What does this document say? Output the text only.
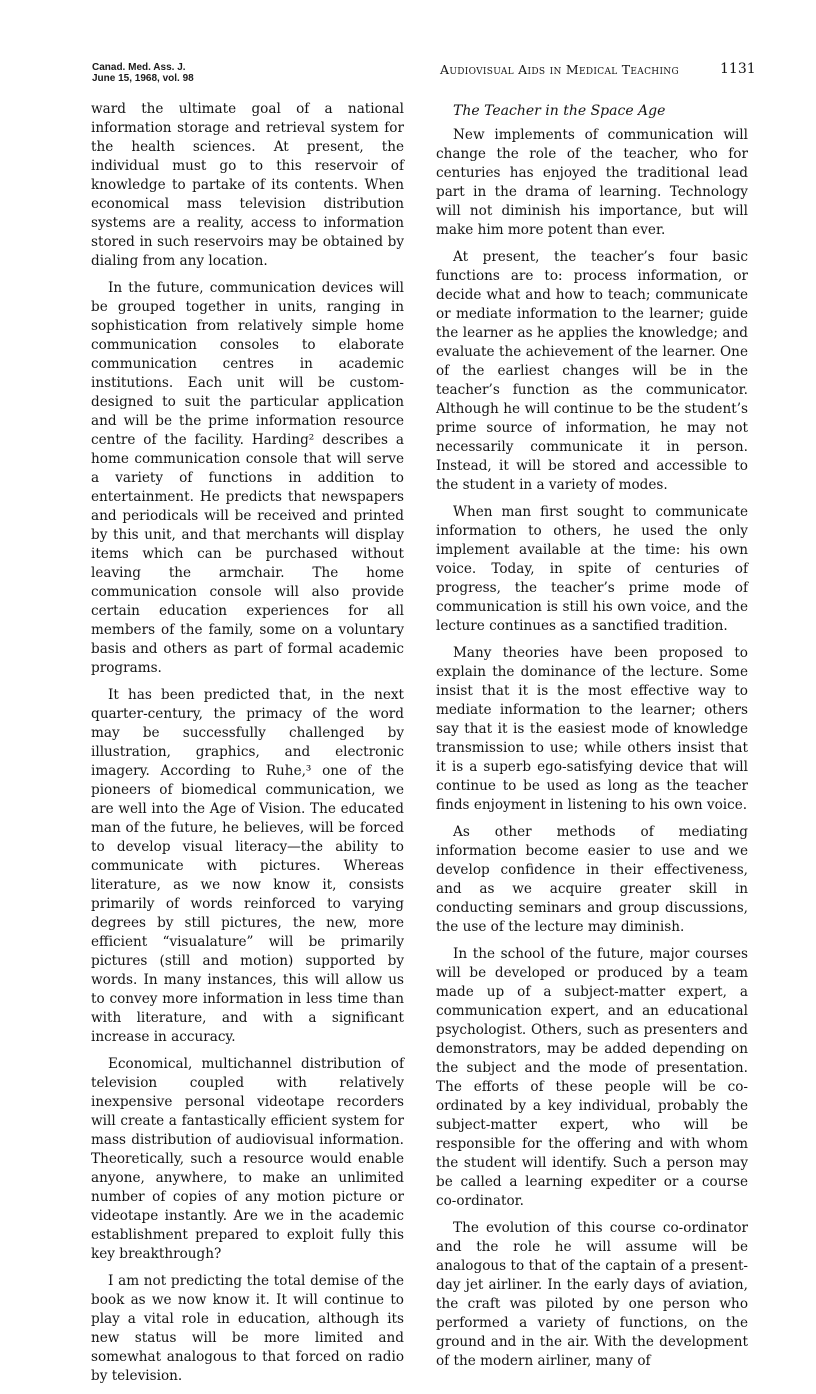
Canad. Med. Ass. J.
June 15, 1968, vol. 98
Audiovisual Aids in Medical Teaching	1131

ward the ultimate goal of a national information storage and retrieval system for the health sciences. At present, the individual must go to this reservoir of knowledge to partake of its contents. When economical mass television distribution systems are a reality, access to information stored in such reservoirs may be obtained by dialing from any location.

In the future, communication devices will be grouped together in units, ranging in sophistication from relatively simple home communication consoles to elaborate communication centres in academic institutions. Each unit will be custom-designed to suit the particular application and will be the prime information resource centre of the facility. Harding² describes a home communication console that will serve a variety of functions in addition to entertainment. He predicts that newspapers and periodicals will be received and printed by this unit, and that merchants will display items which can be purchased without leaving the armchair. The home communication console will also provide certain education experiences for all members of the family, some on a voluntary basis and others as part of formal academic programs.

It has been predicted that, in the next quarter-century, the primacy of the word may be successfully challenged by illustration, graphics, and electronic imagery. According to Ruhe,³ one of the pioneers of biomedical communication, we are well into the Age of Vision. The educated man of the future, he believes, will be forced to develop visual literacy—the ability to communicate with pictures. Whereas literature, as we now know it, consists primarily of words reinforced to varying degrees by still pictures, the new, more efficient “visualature” will be primarily pictures (still and motion) supported by words. In many instances, this will allow us to convey more information in less time than with literature, and with a significant increase in accuracy.

Economical, multichannel distribution of television coupled with relatively inexpensive personal videotape recorders will create a fantastically efficient system for mass distribution of audiovisual information. Theoretically, such a resource would enable anyone, anywhere, to make an unlimited number of copies of any motion picture or videotape instantly. Are we in the academic establishment prepared to exploit fully this key breakthrough?

I am not predicting the total demise of the book as we now know it. It will continue to play a vital role in education, although its new status will be more limited and somewhat analogous to that forced on radio by television.

The Teacher in the Space Age

New implements of communication will change the role of the teacher, who for centuries has enjoyed the traditional lead part in the drama of learning. Technology will not diminish his importance, but will make him more potent than ever.

At present, the teacher’s four basic functions are to: process information, or decide what and how to teach; communicate or mediate information to the learner; guide the learner as he applies the knowledge; and evaluate the achievement of the learner. One of the earliest changes will be in the teacher’s function as the communicator. Although he will continue to be the student’s prime source of information, he may not necessarily communicate it in person. Instead, it will be stored and accessible to the student in a variety of modes.

When man first sought to communicate information to others, he used the only implement available at the time: his own voice. Today, in spite of centuries of progress, the teacher’s prime mode of communication is still his own voice, and the lecture continues as a sanctified tradition.

Many theories have been proposed to explain the dominance of the lecture. Some insist that it is the most effective way to mediate information to the learner; others say that it is the easiest mode of knowledge transmission to use; while others insist that it is a superb ego-satisfying device that will continue to be used as long as the teacher finds enjoyment in listening to his own voice.

As other methods of mediating information become easier to use and we develop confidence in their effectiveness, and as we acquire greater skill in conducting seminars and group discussions, the use of the lecture may diminish.

In the school of the future, major courses will be developed or produced by a team made up of a subject-matter expert, a communication expert, and an educational psychologist. Others, such as presenters and demonstrators, may be added depending on the subject and the mode of presentation. The efforts of these people will be co-ordinated by a key individual, probably the subject-matter expert, who will be responsible for the offering and with whom the student will identify. Such a person may be called a learning expediter or a course co-ordinator.

The evolution of this course co-ordinator and the role he will assume will be analogous to that of the captain of a present-day jet airliner. In the early days of aviation, the craft was piloted by one person who performed a variety of functions, on the ground and in the air. With the development of the modern airliner, many of
